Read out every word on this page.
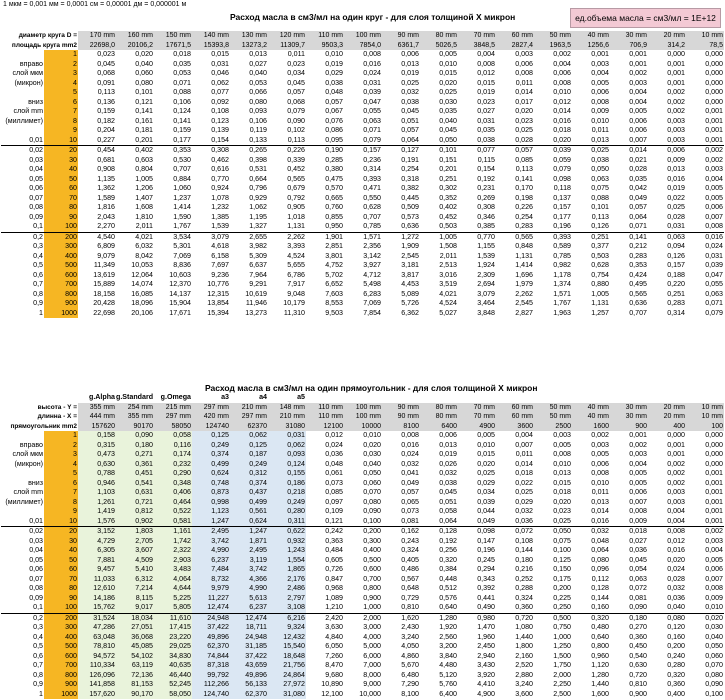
1 мкм = 0,001 мм = 0,0001 см = 0,00001 дм = 0,000001 м
Расход масла в см3/мл на один круг - для слоя толщиной Х микрон	ед.объема масла = см3/мл = 1E+12
диаметр круга D =		170 mm	160 mm	150 mm	140 mm	130 mm	120 mm	110 mm	100 mm	90 mm	80 mm	70 mm	60 mm	50 mm	40 mm	30 mm	20 mm	10 mm
площадь круга mm2		22698,0	20106,2	17671,5	15393,8	13273,2	11309,7	9503,3	7854,0	6361,7	5026,5	3848,5	2827,4	1963,5	1256,6	706,9	314,2	78,5
	1	0,023	0,020	0,018	0,015	0,013	0,011	0,010	0,008	0,006	0,005	0,004	0,003	0,002	0,001	0,001	0,000	0,000
вправо	2	0,045	0,040	0,035	0,031	0,027	0,023	0,019	0,016	0,013	0,010	0,008	0,006	0,004	0,003	0,001	0,001	0,000
слой мкм	3	0,068	0,060	0,053	0,046	0,040	0,034	0,029	0,024	0,019	0,015	0,012	0,008	0,006	0,004	0,002	0,001	0,000
(микрон)	4	0,091	0,080	0,071	0,062	0,053	0,045	0,038	0,031	0,025	0,020	0,015	0,011	0,008	0,005	0,003	0,001	0,000
	5	0,113	0,101	0,088	0,077	0,066	0,057	0,048	0,039	0,032	0,025	0,019	0,014	0,010	0,006	0,004	0,002	0,000
вниз	6	0,136	0,121	0,106	0,092	0,080	0,068	0,057	0,047	0,038	0,030	0,023	0,017	0,012	0,008	0,004	0,002	0,000
слой mm	7	0,159	0,141	0,124	0,108	0,093	0,079	0,067	0,055	0,045	0,035	0,027	0,020	0,014	0,009	0,005	0,002	0,001
(миллимет)	8	0,182	0,161	0,141	0,123	0,106	0,090	0,076	0,063	0,051	0,040	0,031	0,023	0,016	0,010	0,006	0,003	0,001
	9	0,204	0,181	0,159	0,139	0,119	0,102	0,086	0,071	0,057	0,045	0,035	0,025	0,018	0,011	0,006	0,003	0,001
0,01	10	0,227	0,201	0,177	0,154	0,133	0,113	0,095	0,079	0,064	0,050	0,038	0,028	0,020	0,013	0,007	0,003	0,001
0,02	20	0,454	0,402	0,353	0,308	0,265	0,226	0,190	0,157	0,127	0,101	0,077	0,057	0,039	0,025	0,014	0,006	0,002
0,03	30	0,681	0,603	0,530	0,462	0,398	0,339	0,285	0,236	0,191	0,151	0,115	0,085	0,059	0,038	0,021	0,009	0,002
0,04	40	0,908	0,804	0,707	0,616	0,531	0,452	0,380	0,314	0,254	0,201	0,154	0,113	0,079	0,050	0,028	0,013	0,003
0,05	50	1,135	1,005	0,884	0,770	0,664	0,565	0,475	0,393	0,318	0,251	0,192	0,141	0,098	0,063	0,035	0,016	0,004
0,06	60	1,362	1,206	1,060	0,924	0,796	0,679	0,570	0,471	0,382	0,302	0,231	0,170	0,118	0,075	0,042	0,019	0,005
0,07	70	1,589	1,407	1,237	1,078	0,929	0,792	0,665	0,550	0,445	0,352	0,269	0,198	0,137	0,088	0,049	0,022	0,005
0,08	80	1,816	1,608	1,414	1,232	1,062	0,905	0,760	0,628	0,509	0,402	0,308	0,226	0,157	0,101	0,057	0,025	0,006
0,09	90	2,043	1,810	1,590	1,385	1,195	1,018	0,855	0,707	0,573	0,452	0,346	0,254	0,177	0,113	0,064	0,028	0,007
0,1	100	2,270	2,011	1,767	1,539	1,327	1,131	0,950	0,785	0,636	0,503	0,385	0,283	0,196	0,126	0,071	0,031	0,008
0,2	200	4,540	4,021	3,534	3,079	2,655	2,262	1,901	1,571	1,272	1,005	0,770	0,565	0,393	0,251	0,141	0,063	0,016
0,3	300	6,809	6,032	5,301	4,618	3,982	3,393	2,851	2,356	1,909	1,508	1,155	0,848	0,589	0,377	0,212	0,094	0,024
0,4	400	9,079	8,042	7,069	6,158	5,309	4,524	3,801	3,142	2,545	2,011	1,539	1,131	0,785	0,503	0,283	0,126	0,031
0,5	500	11,349	10,053	8,836	7,697	6,637	5,655	4,752	3,927	3,181	2,513	1,924	1,414	0,982	0,628	0,353	0,157	0,039
0,6	600	13,619	12,064	10,603	9,236	7,964	6,786	5,702	4,712	3,817	3,016	2,309	1,696	1,178	0,754	0,424	0,188	0,047
0,7	700	15,889	14,074	12,370	10,776	9,291	7,917	6,652	5,498	4,453	3,519	2,694	1,979	1,374	0,880	0,495	0,220	0,055
0,8	800	18,158	16,085	14,137	12,315	10,619	9,048	7,603	6,283	5,089	4,021	3,079	2,262	1,571	1,005	0,565	0,251	0,063
0,9	900	20,428	18,096	15,904	13,854	11,946	10,179	8,553	7,069	5,726	4,524	3,464	2,545	1,767	1,131	0,636	0,283	0,071
1	1000	22,698	20,106	17,671	15,394	13,273	11,310	9,503	7,854	6,362	5,027	3,848	2,827	1,963	1,257	0,707	0,314	0,079
Расход масла в см3/мл на один прямоугольник - для слоя толщиной Х микрон
		g.Alpha	g.Standard	g.Omega	a3	a4	a5											
высота - Y =		355 mm	254 mm	215 mm	297 mm	210 mm	148 mm	110 mm	100 mm	90 mm	80 mm	70 mm	60 mm	50 mm	40 mm	30 mm	20 mm	10 mm
длинна - X =		444 mm	355 mm	297 mm	420 mm	297 mm	210 mm	110 mm	100 mm	90 mm	80 mm	70 mm	60 mm	50 mm	40 mm	30 mm	20 mm	10 mm
прямоугольник mm2		157620	90170	58050	124740	62370	31080	12100	10000	8100	6400	4900	3600	2500	1600	900	400	100
	1	0,158	0,090	0,058	0,125	0,062	0,031	0,012	0,010	0,008	0,006	0,005	0,004	0,003	0,002	0,001	0,000	0,000
вправо	2	0,315	0,180	0,116	0,249	0,125	0,062	0,024	0,020	0,016	0,013	0,010	0,007	0,005	0,003	0,002	0,001	0,000
слой мкм	3	0,473	0,271	0,174	0,374	0,187	0,093	0,036	0,030	0,024	0,019	0,015	0,011	0,008	0,005	0,003	0,001	0,000
(микрон)	4	0,630	0,361	0,232	0,499	0,249	0,124	0,048	0,040	0,032	0,026	0,020	0,014	0,010	0,006	0,004	0,002	0,000
	5	0,788	0,451	0,290	0,624	0,312	0,155	0,061	0,050	0,041	0,032	0,025	0,018	0,013	0,008	0,005	0,002	0,001
вниз	6	0,946	0,541	0,348	0,748	0,374	0,186	0,073	0,060	0,049	0,038	0,029	0,022	0,015	0,010	0,005	0,002	0,001
слой mm	7	1,103	0,631	0,406	0,873	0,437	0,218	0,085	0,070	0,057	0,045	0,034	0,025	0,018	0,011	0,006	0,003	0,001
(миллимет)	8	1,261	0,721	0,464	0,998	0,499	0,249	0,097	0,080	0,065	0,051	0,039	0,029	0,020	0,013	0,007	0,003	0,001
	9	1,419	0,812	0,522	1,123	0,561	0,280	0,109	0,090	0,073	0,058	0,044	0,032	0,023	0,014	0,008	0,004	0,001
0,01	10	1,576	0,902	0,581	1,247	0,624	0,311	0,121	0,100	0,081	0,064	0,049	0,036	0,025	0,016	0,009	0,004	0,001
0,02	20	3,152	1,803	1,161	2,495	1,247	0,622	0,242	0,200	0,162	0,128	0,098	0,072	0,050	0,032	0,018	0,008	0,002
0,03	30	4,729	2,705	1,742	3,742	1,871	0,932	0,363	0,300	0,243	0,192	0,147	0,108	0,075	0,048	0,027	0,012	0,003
0,04	40	6,305	3,607	2,322	4,990	2,495	1,243	0,484	0,400	0,324	0,256	0,196	0,144	0,100	0,064	0,036	0,016	0,004
0,05	50	7,881	4,509	2,903	6,237	3,119	1,554	0,605	0,500	0,405	0,320	0,245	0,180	0,125	0,080	0,045	0,020	0,005
0,06	60	9,457	5,410	3,483	7,484	3,742	1,865	0,726	0,600	0,486	0,384	0,294	0,216	0,150	0,096	0,054	0,024	0,006
0,07	70	11,033	6,312	4,064	8,732	4,366	2,176	0,847	0,700	0,567	0,448	0,343	0,252	0,175	0,112	0,063	0,028	0,007
0,08	80	12,610	7,214	4,644	9,979	4,990	2,486	0,968	0,800	0,648	0,512	0,392	0,288	0,200	0,128	0,072	0,032	0,008
0,09	90	14,186	8,115	5,225	11,227	5,613	2,797	1,089	0,900	0,729	0,576	0,441	0,324	0,225	0,144	0,081	0,036	0,009
0,1	100	15,762	9,017	5,805	12,474	6,237	3,108	1,210	1,000	0,810	0,640	0,490	0,360	0,250	0,160	0,090	0,040	0,010
0,2	200	31,524	18,034	11,610	24,948	12,474	6,216	2,420	2,000	1,620	1,280	0,980	0,720	0,500	0,320	0,180	0,080	0,020
0,3	300	47,286	27,051	17,415	37,422	18,711	9,324	3,630	3,000	2,430	1,920	1,470	1,080	0,750	0,480	0,270	0,120	0,030
0,4	400	63,048	36,068	23,220	49,896	24,948	12,432	4,840	4,000	3,240	2,560	1,960	1,440	1,000	0,640	0,360	0,160	0,040
0,5	500	78,810	45,085	29,025	62,370	31,185	15,540	6,050	5,000	4,050	3,200	2,450	1,800	1,250	0,800	0,450	0,200	0,050
0,6	600	94,572	54,102	34,830	74,844	37,422	18,648	7,260	6,000	4,860	3,840	2,940	2,160	1,500	0,960	0,540	0,240	0,060
0,7	700	110,334	63,119	40,635	87,318	43,659	21,756	8,470	7,000	5,670	4,480	3,430	2,520	1,750	1,120	0,630	0,280	0,070
0,8	800	126,096	72,136	46,440	99,792	49,896	24,864	9,680	8,000	6,480	5,120	3,920	2,880	2,000	1,280	0,720	0,320	0,080
0,9	900	141,858	81,153	52,245	112,266	56,133	27,972	10,890	9,000	7,290	5,760	4,410	3,240	2,250	1,440	0,810	0,360	0,090
1	1000	157,620	90,170	58,050	124,740	62,370	31,080	12,100	10,000	8,100	6,400	4,900	3,600	2,500	1,600	0,900	0,400	0,100
